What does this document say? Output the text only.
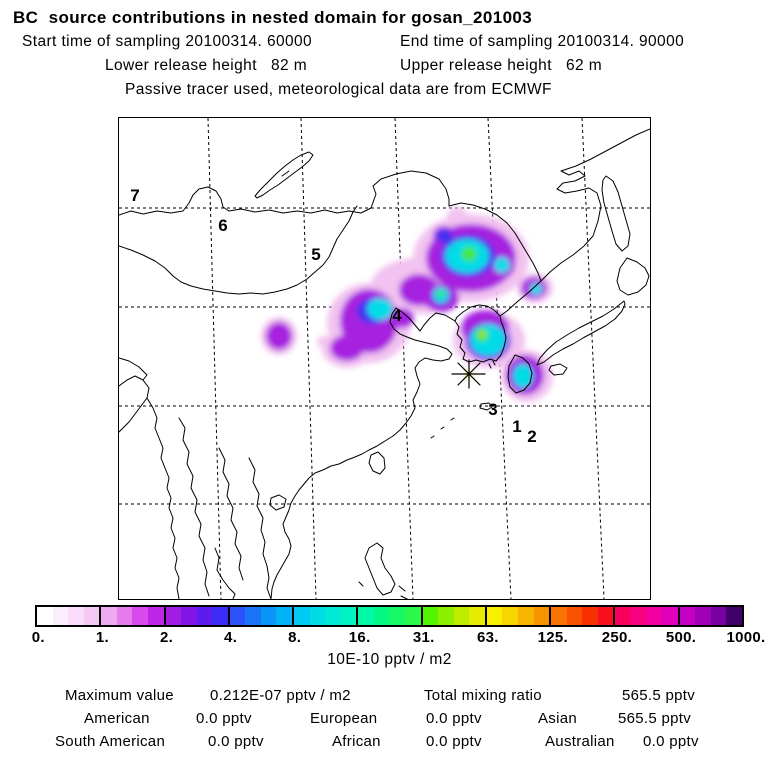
BC  source contributions in nested domain for gosan_201003
Start time of sampling 20100314. 60000	End time of sampling 20100314. 90000
Lower release height   82 m	Upper release height   62 m
Passive tracer used, meteorological data are from ECMWF
7
6
5
4
3
1
2
0.	1.	2.	4.	8.	16.	31.	63.	125. 250. 500. 1000.
10E-10 pptv / m2
Maximum value 0.212E-07 pptv / m2	Total mixing ratio	565.5 pptv
American	0.0 pptv	European	0.0 pptv	Asian	565.5 pptv
South American	0.0 pptv	African	0.0 pptv	Australian 0.0 pptv
